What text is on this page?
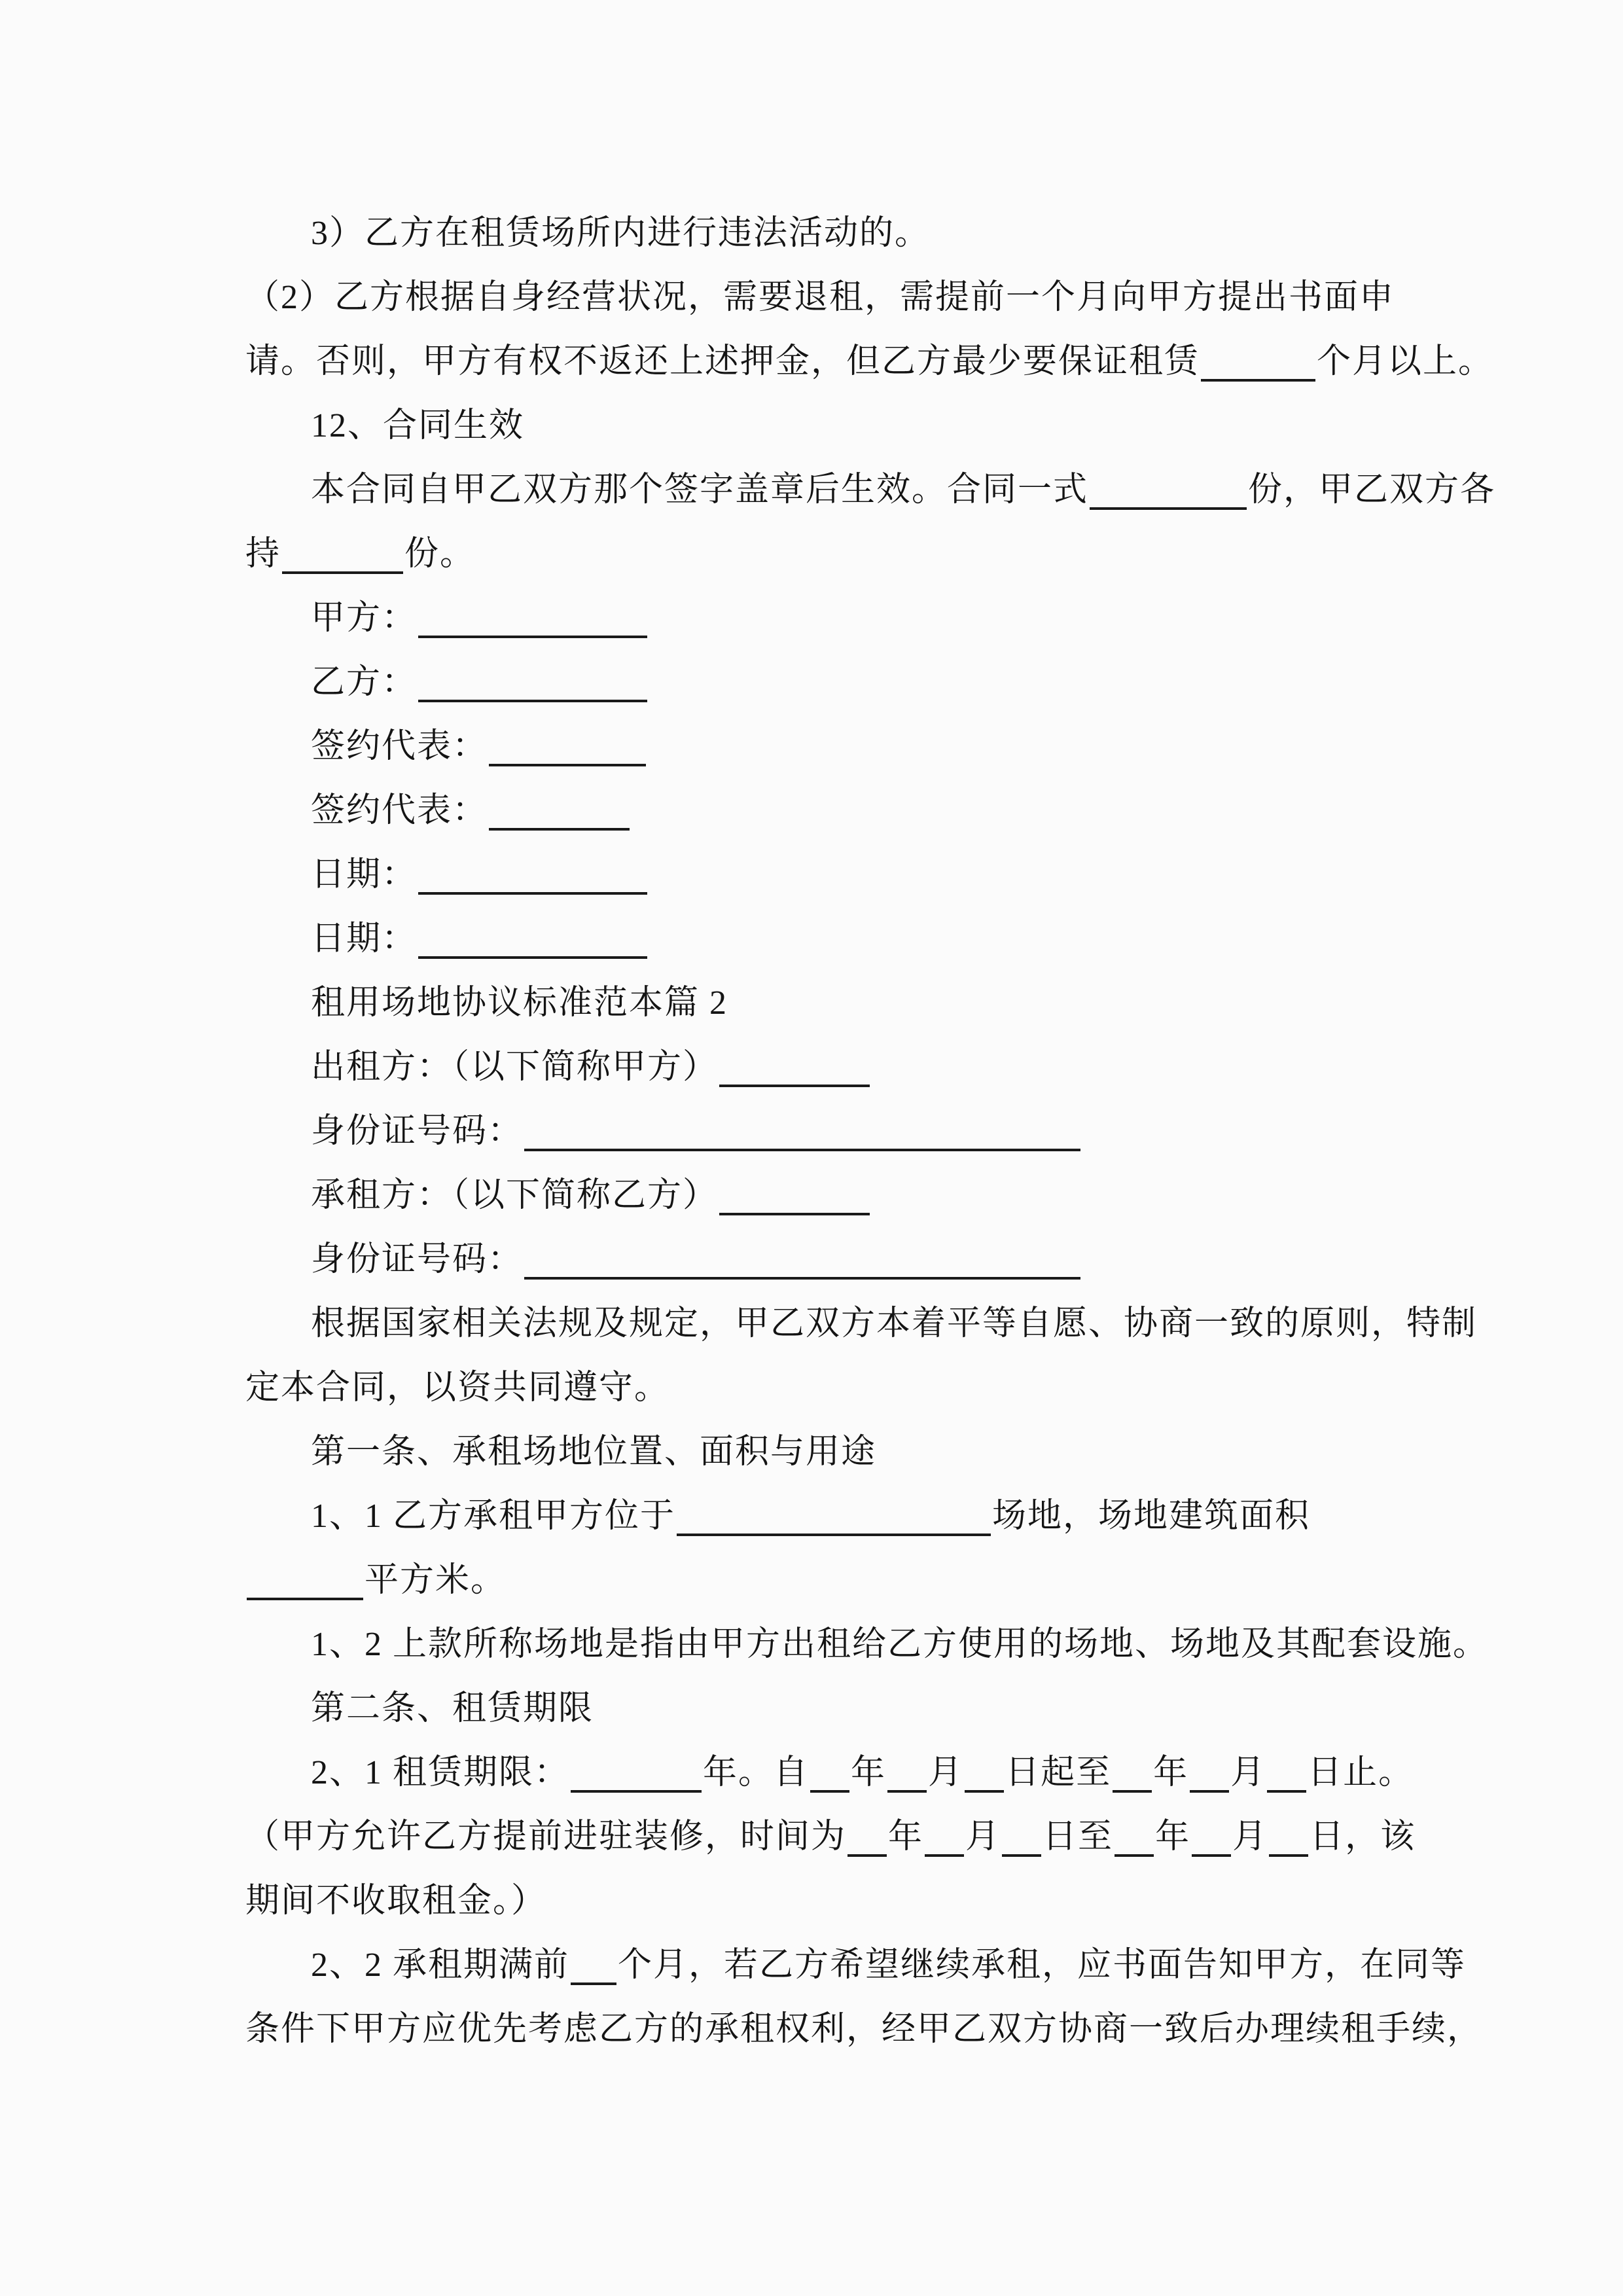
3）乙方在租赁场所内进行违法活动的。
（2）乙方根据自身经营状况，需要退租，需提前一个月向甲方提出书面申
请。否则，甲方有权不返还上述押金，但乙方最少要保证租赁	个月以上。
12、合同生效
本合同自甲乙双方那个签字盖章后生效。合同一式	份，甲乙双方各
持	份。
甲方：
乙方：
签约代表：
签约代表：
日期：
日期：
租用场地协议标准范本篇 2
出租方：（以下简称甲方）
身份证号码：
承租方：（以下简称乙方）
身份证号码：
根据国家相关法规及规定，甲乙双方本着平等自愿、协商一致的原则，特制
定本合同，以资共同遵守。
第一条、承租场地位置、面积与用途
1、1 乙方承租甲方位于	场地，场地建筑面积
平方米。
1、2 上款所称场地是指由甲方出租给乙方使用的场地、场地及其配套设施。
第二条、租赁期限
2、1 租赁期限：	年。自 年 月 日起至 年 月 日止。
（甲方允许乙方提前进驻装修，时间为 年 月 日至 年 月 日，该
期间不收取租金。）
2、2 承租期满前 个月，若乙方希望继续承租，应书面告知甲方，在同等
条件下甲方应优先考虑乙方的承租权利，经甲乙双方协商一致后办理续租手续，
